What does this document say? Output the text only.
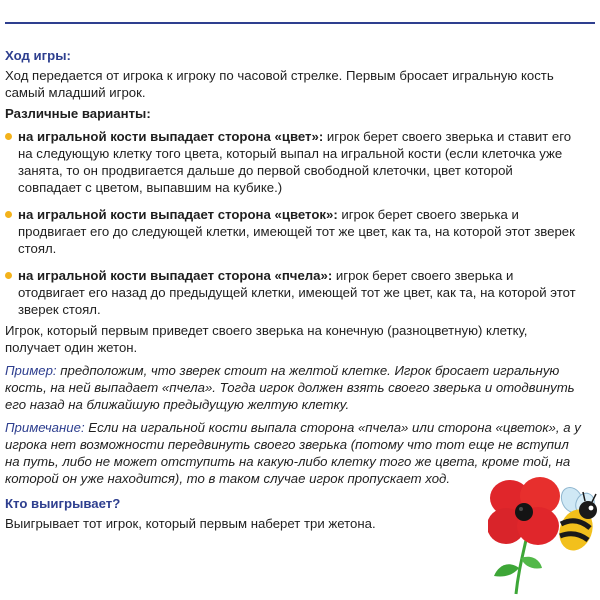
Ход игры:

Ход передается от игрока к игроку по часовой стрелке. Первым бросает игральную кость самый младший игрок.

Различные варианты:
на игральной кости выпадает сторона «цвет»: игрок берет своего зверька и ставит его на следующую клетку того цвета, который выпал на игральной кости (если клеточка уже занята, то он продвигается дальше до первой свободной клеточки, цвет которой совпадает с цветом, выпавшим на кубике.)
на игральной кости выпадает сторона «цветок»: игрок берет своего зверька и продвигает его до следующей клетки, имеющей тот же цвет, как та, на которой этот зверек стоял.
на игральной кости выпадает сторона «пчела»: игрок берет своего зверька и отодвигает его назад до предыдущей клетки, имеющей тот же цвет, как та, на которой этот зверек стоял.

Игрок, который первым приведет своего зверька на конечную (разноцветную) клетку, получает один жетон.

Пример: предположим, что зверек стоит на желтой клетке. Игрок бросает игральную кость, на ней выпадает «пчела». Тогда игрок должен взять своего зверька и отодвинуть его назад на ближайшую предыдущую желтую клетку.

Примечание: Если на игральной кости выпала сторона «пчела» или сторона «цветок», а у игрока нет возможности передвинуть своего зверька (потому что тот еще не вступил на путь, либо не может отступить на какую-либо клетку того же цвета, кроме той, на которой он уже находится), то в таком случае игрок пропускает ход.

Кто выигрывает?

Выигрывает тот игрок, который первым наберет три жетона.
